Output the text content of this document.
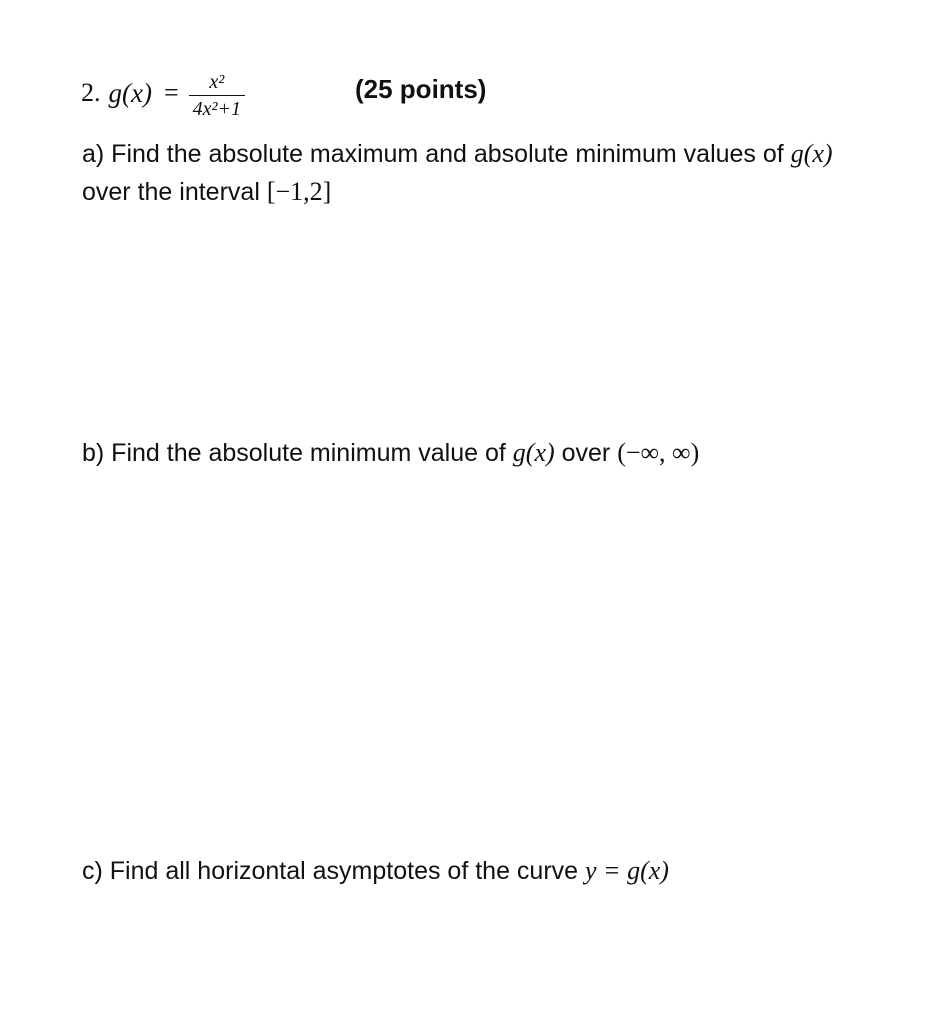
2. $g(x) = \frac{\text{x²}}{\text{4x²+1}}$	(25 points)
a) Find the absolute maximum and absolute minimum values of g(x)
over the interval [−1,2]
b) Find the absolute minimum value of g(x) over (−∞, ∞)
c) Find all horizontal asymptotes of the curve y = g(x)
